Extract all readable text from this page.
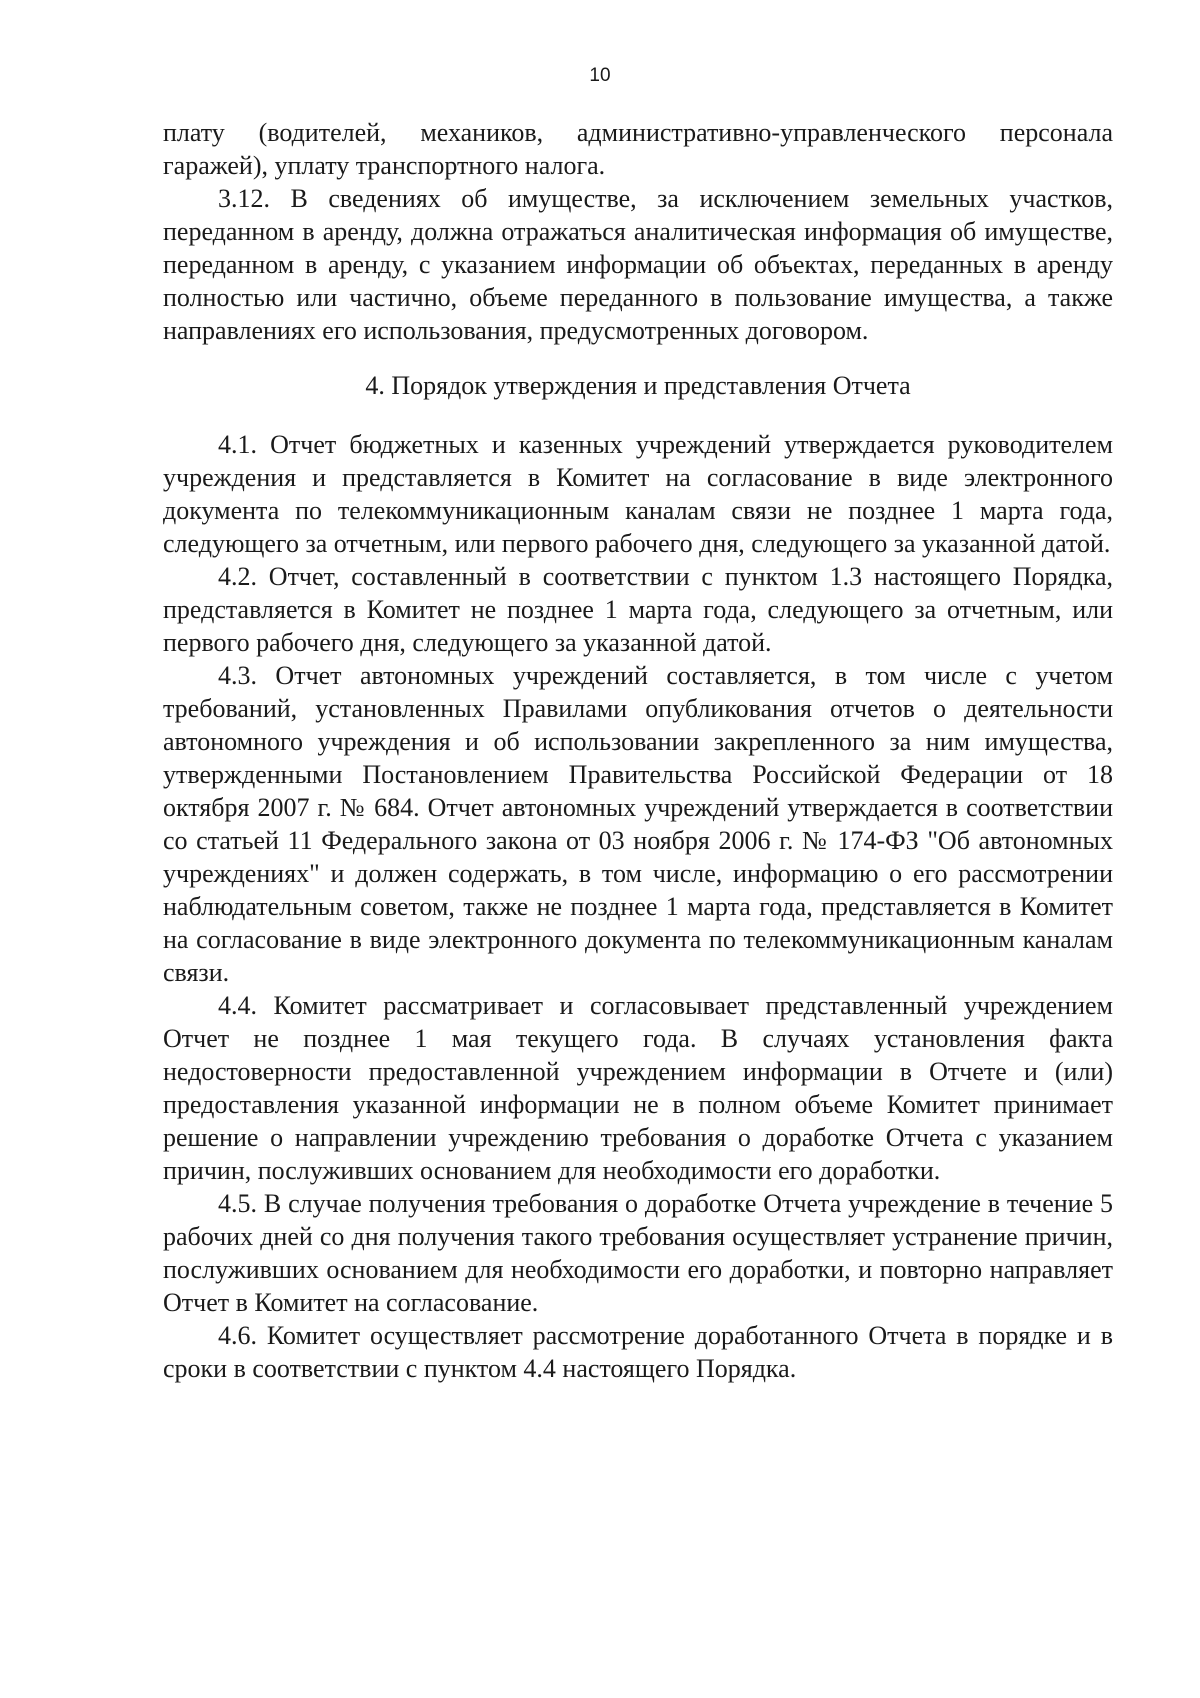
10

плату (водителей, механиков, административно-управленческого персонала гаражей), уплату транспортного налога.

3.12. В сведениях об имуществе, за исключением земельных участков, переданном в аренду, должна отражаться аналитическая информация об имуществе, переданном в аренду, с указанием информации об объектах, переданных в аренду полностью или частично, объеме переданного в пользование имущества, а также направлениях его использования, предусмотренных договором.

4. Порядок утверждения и представления Отчета

4.1. Отчет бюджетных и казенных учреждений утверждается руководителем учреждения и представляется в Комитет на согласование в виде электронного документа по телекоммуникационным каналам связи не позднее 1 марта года, следующего за отчетным, или первого рабочего дня, следующего за указанной датой.

4.2. Отчет, составленный в соответствии с пунктом 1.3 настоящего Порядка, представляется в Комитет не позднее 1 марта года, следующего за отчетным, или первого рабочего дня, следующего за указанной датой.

4.3. Отчет автономных учреждений составляется, в том числе с учетом требований, установленных Правилами опубликования отчетов о деятельности автономного учреждения и об использовании закрепленного за ним имущества, утвержденными Постановлением Правительства Российской Федерации от 18 октября 2007 г. № 684. Отчет автономных учреждений утверждается в соответствии со статьей 11 Федерального закона от 03 ноября 2006 г. № 174-ФЗ "Об автономных учреждениях" и должен содержать, в том числе, информацию о его рассмотрении наблюдательным советом, также не позднее 1 марта года, представляется в Комитет на согласование в виде электронного документа по телекоммуникационным каналам связи.

4.4. Комитет рассматривает и согласовывает представленный учреждением Отчет не позднее 1 мая текущего года. В случаях установления факта недостоверности предоставленной учреждением информации в Отчете и (или) предоставления указанной информации не в полном объеме Комитет принимает решение о направлении учреждению требования о доработке Отчета с указанием причин, послуживших основанием для необходимости его доработки.

4.5. В случае получения требования о доработке Отчета учреждение в течение 5 рабочих дней со дня получения такого требования осуществляет устранение причин, послуживших основанием для необходимости его доработки, и повторно направляет Отчет в Комитет на согласование.

4.6. Комитет осуществляет рассмотрение доработанного Отчета в порядке и в сроки в соответствии с пунктом 4.4 настоящего Порядка.
